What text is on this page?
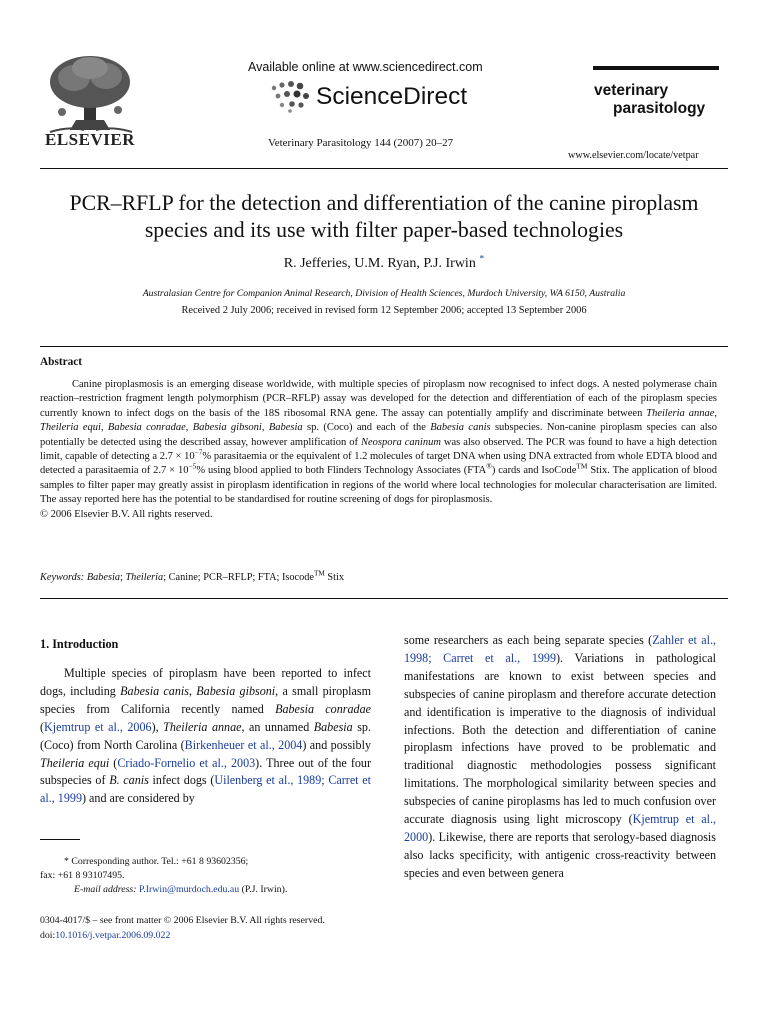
ELSEVIER
Available online at www.sciencedirect.com
ScienceDirect
Veterinary Parasitology 144 (2007) 20–27
veterinary
parasitology
www.elsevier.com/locate/vetpar
PCR–RFLP for the detection and differentiation of the canine piroplasm species and its use with filter paper-based technologies
R. Jefferies, U.M. Ryan, P.J. Irwin *
Australasian Centre for Companion Animal Research, Division of Health Sciences, Murdoch University, WA 6150, Australia
Received 2 July 2006; received in revised form 12 September 2006; accepted 13 September 2006
Abstract

Canine piroplasmosis is an emerging disease worldwide, with multiple species of piroplasm now recognised to infect dogs. A nested polymerase chain reaction–restriction fragment length polymorphism (PCR–RFLP) assay was developed for the detection and differentiation of each of the piroplasm species currently known to infect dogs on the basis of the 18S ribosomal RNA gene. The assay can potentially amplify and discriminate between Theileria annae, Theileria equi, Babesia conradae, Babesia gibsoni, Babesia sp. (Coco) and each of the Babesia canis subspecies. Non-canine piroplasm species can also potentially be detected using the described assay, however amplification of Neospora caninum was also observed. The PCR was found to have a high detection limit, capable of detecting a $2.7 \times 10^{-7}\%$ parasitaemia or the equivalent of 1.2 molecules of target DNA when using DNA extracted from whole EDTA blood and detected a parasitaemia of $2.7 \times 10^{-5}\%$ using blood applied to both Flinders Technology Associates (FTA®) cards and IsoCode™ Stix. The application of blood samples to filter paper may greatly assist in piroplasm identification in regions of the world where local technologies for molecular characterisation are limited. The assay reported here has the potential to be standardised for routine screening of dogs for piroplasmosis.

© 2006 Elsevier B.V. All rights reserved.
Keywords: Babesia; Theileria; Canine; PCR–RFLP; FTA; Isocode™ Stix
1. Introduction

Multiple species of piroplasm have been reported to infect dogs, including Babesia canis, Babesia gibsoni, a small piroplasm species from California recently named Babesia conradae (Kjemtrup et al., 2006), Theileria annae, an unnamed Babesia sp. (Coco) from North Carolina (Birkenheuer et al., 2004) and possibly Theileria equi (Criado-Fornelio et al., 2003). Three out of the four subspecies of B. canis infect dogs (Uilenberg et al., 1989; Carret et al., 1999) and are considered by

some researchers as each being separate species (Zahler et al., 1998; Carret et al., 1999). Variations in pathological manifestations are known to exist between species and subspecies of canine piroplasm and therefore accurate detection and identification is imperative to the diagnosis of individual infections. Both the detection and differentiation of canine piroplasm infections have proved to be problematic and traditional diagnostic methodologies possess significant limitations. The morphological similarity between species and subspecies of canine piroplasms has led to much confusion over accurate diagnosis using light microscopy (Kjemtrup et al., 2000). Likewise, there are reports that serology-based diagnosis also lacks specificity, with antigenic cross-reactivity between species and even between genera

* Corresponding author. Tel.: +61 8 93602356;
fax: +61 8 93107495.
E-mail address: P.Irwin@murdoch.edu.au (P.J. Irwin).
0304-4017/$ – see front matter © 2006 Elsevier B.V. All rights reserved.
doi:10.1016/j.vetpar.2006.09.022
